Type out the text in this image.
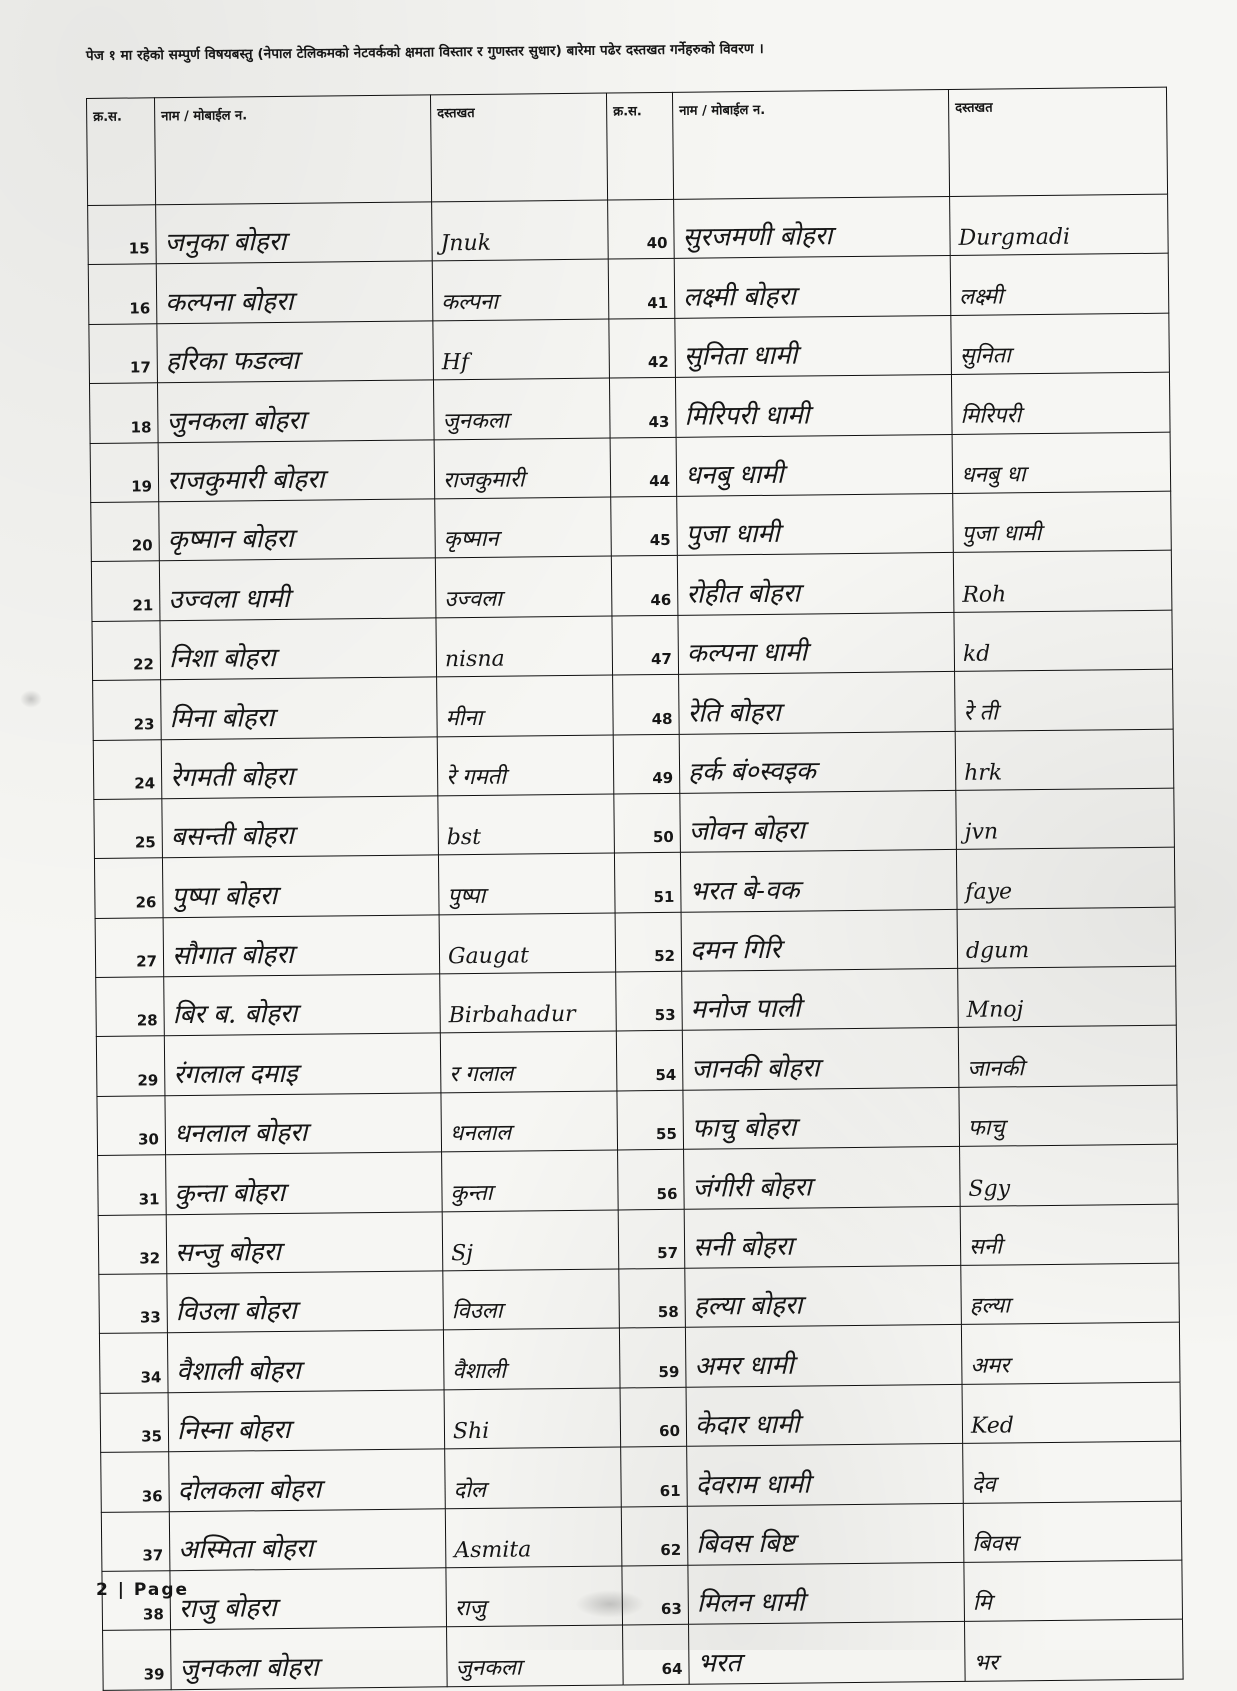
पेज १ मा रहेको सम्पुर्ण विषयबस्तु (नेपाल टेलिकमको नेटवर्कको क्षमता विस्तार र गुणस्तर सुधार) बारेमा पढेर दस्तखत गर्नेहरुको विवरण ।
क्र.स.	नाम / मोबाईल न.	दस्तखत	क्र.स.	नाम / मोबाईल न.	दस्तखत
15	जनुका बोहरा	Jnuk	40	सुरजमणी बोहरा	Durgmadi
16	कल्पना बोहरा	कल्पना	41	लक्ष्मी बोहरा	लक्ष्मी
17	हरिका फडल्वा	Hf	42	सुनिता धामी	सुनिता
18	जुनकला बोहरा	जुनकला	43	मिरिपरी धामी	मिरिपरी
19	राजकुमारी बोहरा	राजकुमारी	44	धनबु धामी	धनबु धा
20	कृष्मान बोहरा	कृष्मान	45	पुजा धामी	पुजा धामी
21	उज्वला धामी	उज्वला	46	रोहीत बोहरा	Roh
22	निशा बोहरा	nisna	47	कल्पना धामी	kd
23	मिना बोहरा	मीना	48	रेति बोहरा	रे ती
24	रेगमती बोहरा	रे गमती	49	हर्क बं०स्वइक	hrk
25	बसन्ती बोहरा	bst	50	जोवन बोहरा	jvn
26	पुष्पा बोहरा	पुष्पा	51	भरत बे-वक	faye
27	सौगात बोहरा	Gaugat	52	दमन गिरि	dgum
28	बिर ब. बोहरा	Birbahadur	53	मनोज पाली	Mnoj
29	रंगलाल दमाइ	र गलाल	54	जानकी बोहरा	जानकी
30	धनलाल बोहरा	धनलाल	55	फाचु बोहरा	फाचु
31	कुन्ता बोहरा	कुन्ता	56	जंगीरी बोहरा	Sgy
32	सन्जु बोहरा	Sj	57	सनी बोहरा	सनी
33	विउला बोहरा	विउला	58	हल्या बोहरा	हल्या
34	वैशाली बोहरा	वैशाली	59	अमर धामी	अमर
35	निस्ना बोहरा	Shi	60	केदार धामी	Ked
36	दोलकला बोहरा	दोल	61	देवराम धामी	देव
37	अस्मिता बोहरा	Asmita	62	बिवस बिष्ट	बिवस
38	राजु बोहरा	राजु	63	मिलन धामी	मि
39	जुनकला बोहरा	जुनकला	64	भरत	भर
2 | Page
